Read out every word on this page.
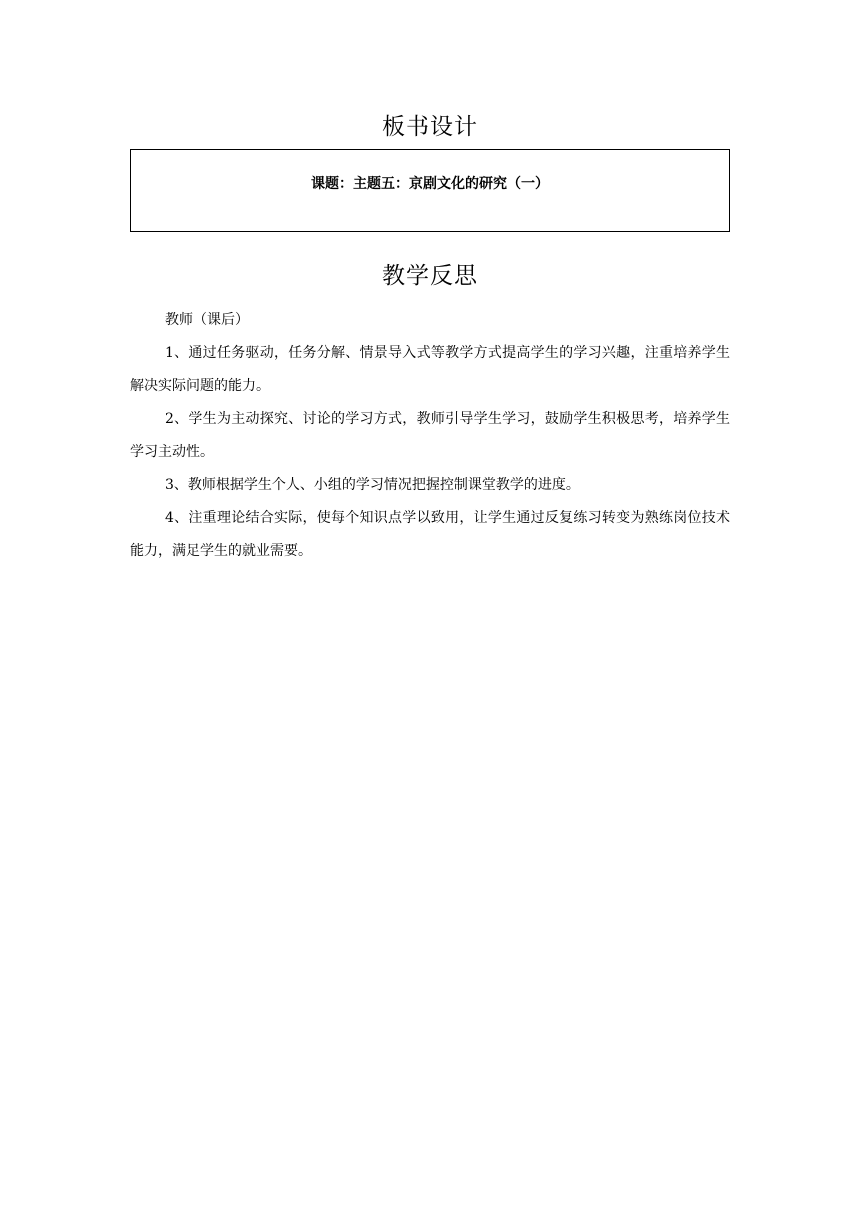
板书设计
课题：主题五：京剧文化的研究（一）
教学反思

教师（课后）

1、通过任务驱动，任务分解、情景导入式等教学方式提高学生的学习兴趣，注重培养学生解决实际问题的能力。

2、学生为主动探究、讨论的学习方式，教师引导学生学习，鼓励学生积极思考，培养学生学习主动性。

3、教师根据学生个人、小组的学习情况把握控制课堂教学的进度。

4、注重理论结合实际，使每个知识点学以致用，让学生通过反复练习转变为熟练岗位技术能力，满足学生的就业需要。
